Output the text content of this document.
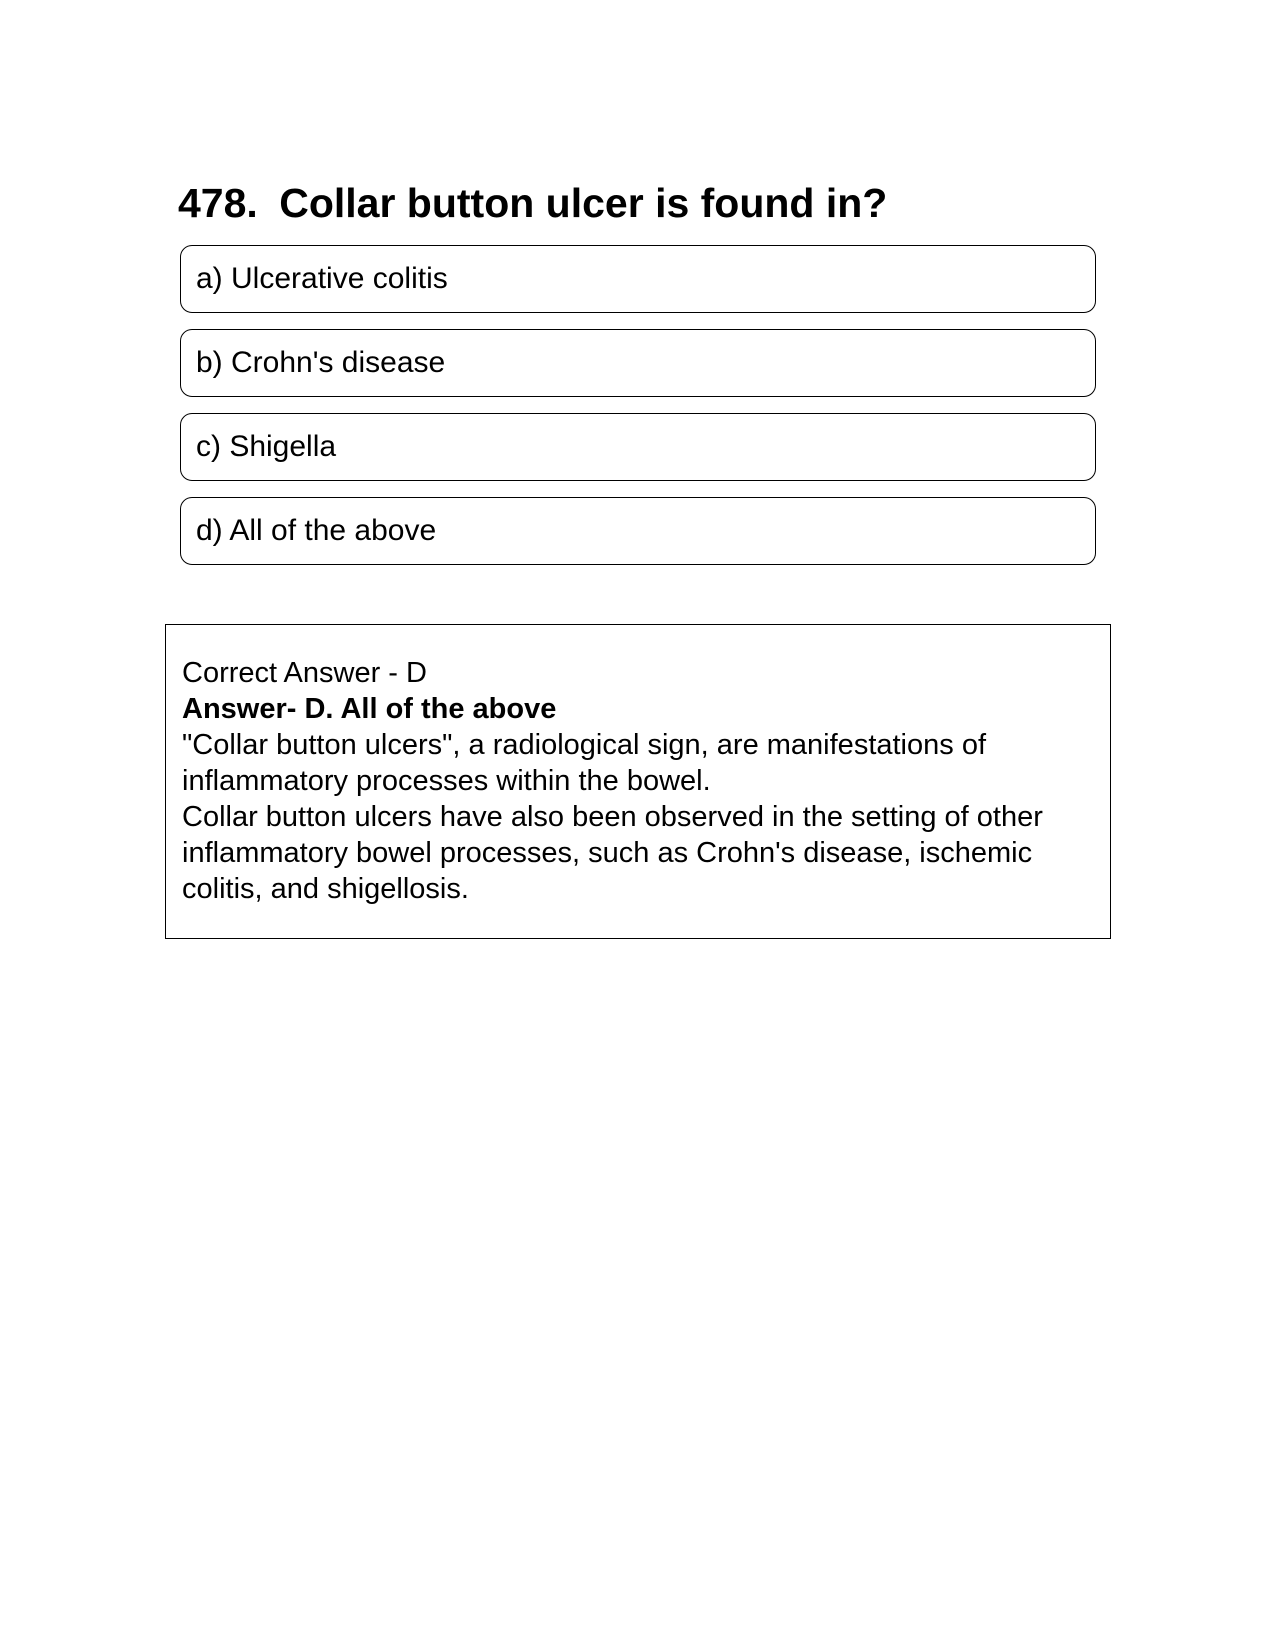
478. Collar button ulcer is found in?
a) Ulcerative colitis
b) Crohn's disease
c) Shigella
d) All of the above

Correct Answer - D

Answer- D. All of the above

"Collar button ulcers", a radiological sign, are manifestations of inflammatory processes within the bowel.

Collar button ulcers have also been observed in the setting of other inflammatory bowel processes, such as Crohn's disease, ischemic colitis, and shigellosis.
